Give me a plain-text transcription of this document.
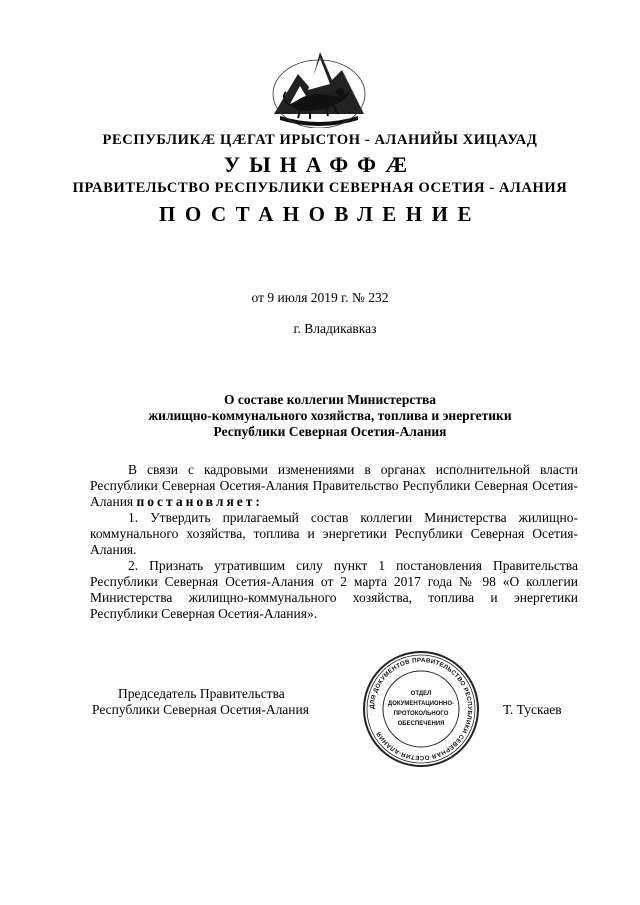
РЕСПУБЛИКÆ ЦÆГАТ ИРЫСТОН - АЛАНИЙЫ ХИЦАУАД
УЫНАФФÆ
ПРАВИТЕЛЬСТВО РЕСПУБЛИКИ СЕВЕРНАЯ ОСЕТИЯ - АЛАНИЯ
ПОСТАНОВЛЕНИЕ
от 9 июля 2019 г. № 232
г. Владикавказ
О составе коллегии Министерства
жилищно-коммунального хозяйства, топлива и энергетики
Республики Северная Осетия-Алания

В связи с кадровыми изменениями в органах исполнительной власти Республики Северная Осетия-Алания Правительство Республики Северная Осетия-Алания постановляет:

1. Утвердить прилагаемый состав коллегии Министерства жилищно-коммунального хозяйства, топлива и энергетики Республики Северная Осетия-Алания.

2. Признать утратившим силу пункт 1 постановления Правительства Республики Северная Осетия-Алания от 2 марта 2017 года № 98 «О коллегии Министерства жилищно-коммунального хозяйства, топлива и энергетики Республики Северная Осетия-Алания».

Председатель Правительства
Республики Северная Осетия-Алания	ДЛЯ ДОКУМЕНТОВ ПРАВИТЕЛЬСТВО РЕСПУБЛИКИ СЕВЕРНАЯ ОСЕТИЯ-АЛАНИЯ
ОТДЕЛ
ДОКУМЕНТАЦИОННО-
ПРОТОКОЛЬНОГО
ОБЕСПЕЧЕНИЯ
Т. Тускаев
